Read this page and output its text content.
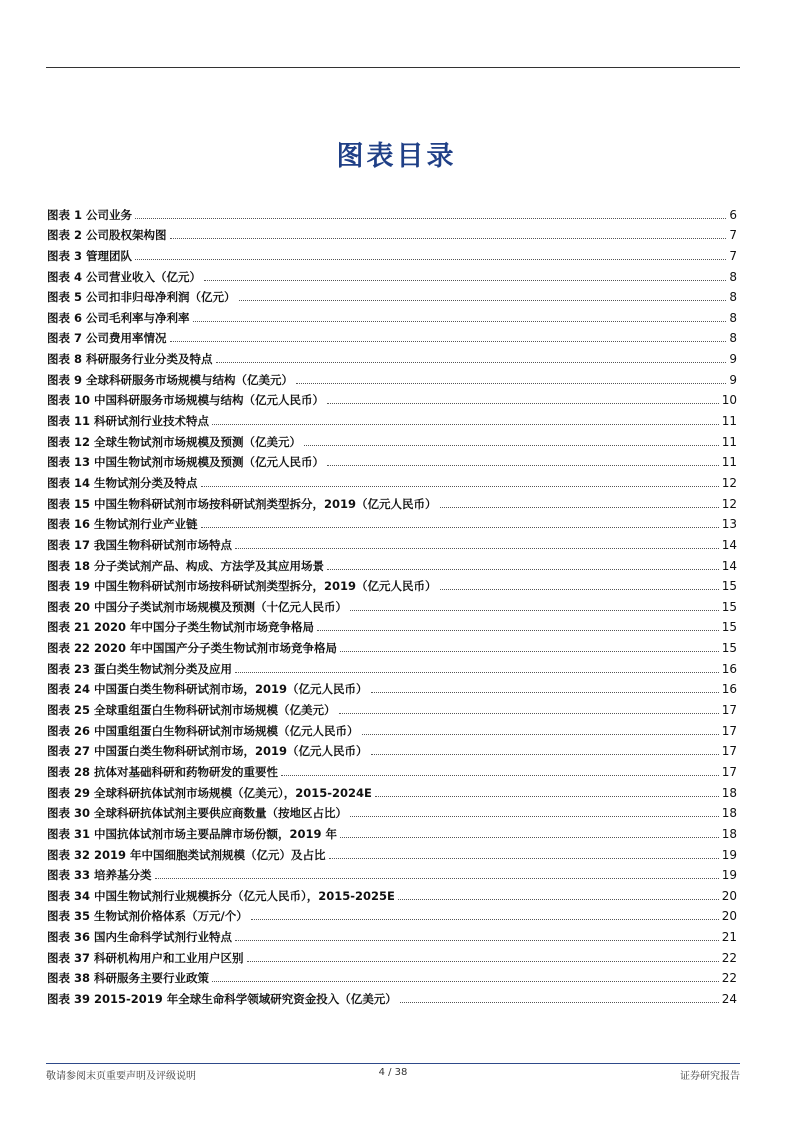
图表目录
图表 1 公司业务	6
图表 2 公司股权架构图	7
图表 3 管理团队	7
图表 4 公司营业收入（亿元）	8
图表 5 公司扣非归母净利润（亿元）	8
图表 6 公司毛利率与净利率	8
图表 7 公司费用率情况	8
图表 8 科研服务行业分类及特点	9
图表 9 全球科研服务市场规模与结构（亿美元）	9
图表 10 中国科研服务市场规模与结构（亿元人民币）	10
图表 11 科研试剂行业技术特点	11
图表 12 全球生物试剂市场规模及预测（亿美元）	11
图表 13 中国生物试剂市场规模及预测（亿元人民币）	11
图表 14 生物试剂分类及特点	12
图表 15 中国生物科研试剂市场按科研试剂类型拆分，2019（亿元人民币）	12
图表 16 生物试剂行业产业链	13
图表 17 我国生物科研试剂市场特点	14
图表 18 分子类试剂产品、构成、方法学及其应用场景	14
图表 19 中国生物科研试剂市场按科研试剂类型拆分，2019（亿元人民币）	15
图表 20 中国分子类试剂市场规模及预测（十亿元人民币）	15
图表 21 2020 年中国分子类生物试剂市场竞争格局	15
图表 22 2020 年中国国产分子类生物试剂市场竞争格局	15
图表 23 蛋白类生物试剂分类及应用	16
图表 24 中国蛋白类生物科研试剂市场，2019（亿元人民币）	16
图表 25 全球重组蛋白生物科研试剂市场规模（亿美元）	17
图表 26 中国重组蛋白生物科研试剂市场规模（亿元人民币）	17
图表 27 中国蛋白类生物科研试剂市场，2019（亿元人民币）	17
图表 28 抗体对基础科研和药物研发的重要性	17
图表 29 全球科研抗体试剂市场规模（亿美元），2015-2024E	18
图表 30 全球科研抗体试剂主要供应商数量（按地区占比）	18
图表 31 中国抗体试剂市场主要品牌市场份额，2019 年	18
图表 32 2019 年中国细胞类试剂规模（亿元）及占比	19
图表 33 培养基分类	19
图表 34 中国生物试剂行业规模拆分（亿元人民币），2015-2025E	20
图表 35 生物试剂价格体系（万元/个）	20
图表 36 国内生命科学试剂行业特点	21
图表 37 科研机构用户和工业用户区别	22
图表 38 科研服务主要行业政策	22
图表 39 2015-2019 年全球生命科学领域研究资金投入（亿美元）	24
敬请参阅末页重要声明及评级说明	4 / 38	证券研究报告
